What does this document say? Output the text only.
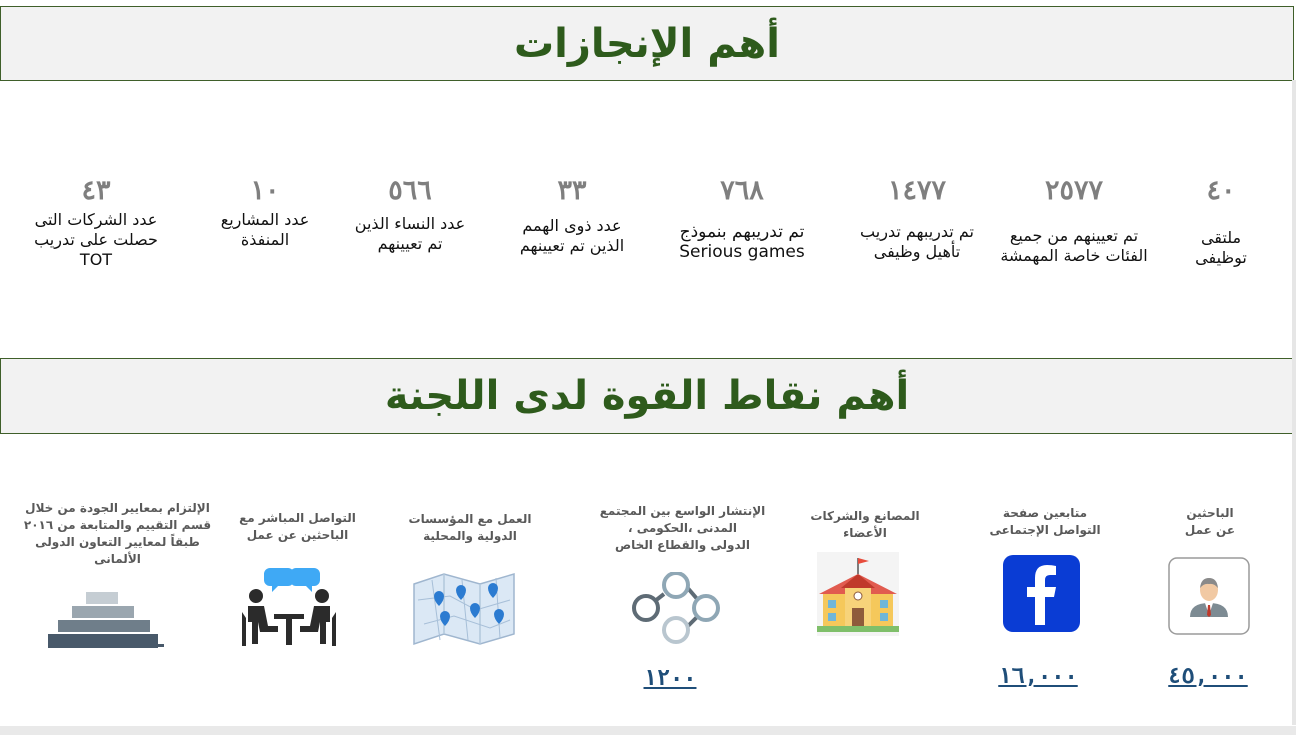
أهم الإنجازات
٤٠
ملتقى توظيفى
٢٥٧٧
تم تعيينهم من جميع الفئات خاصة المهمشة
١٤٧٧
تم تدريبهم تدريب تأهيل وظيفى
٧٦٨
تم تدريبهم بنموذج Serious games
٣٣
عدد ذوى الهمم الذين تم تعيينهم
٥٦٦
عدد النساء الذين تم تعيينهم
١٠
عدد المشاريع المنفذة
٤٣
عدد الشركات التى حصلت على تدريب TOT
أهم نقاط القوة لدى اللجنة
الباحثين
عن عمل
متابعين صفحة
التواصل الإجتماعى
المصانع والشركات
الأعضاء
الإنتشار الواسع بين المجتمع
المدنى ،الحكومى ،
الدولى والقطاع الخاص
العمل مع المؤسسات
الدولية والمحلية
التواصل المباشر مع
الباحثين عن عمل
الإلتزام بمعايير الجودة من خلال
قسم التقييم والمتابعة من ٢٠١٦
طبقاً لمعايير التعاون الدولى الألمانى
٤٥,٠٠٠
١٦,٠٠٠
١٢٠٠
